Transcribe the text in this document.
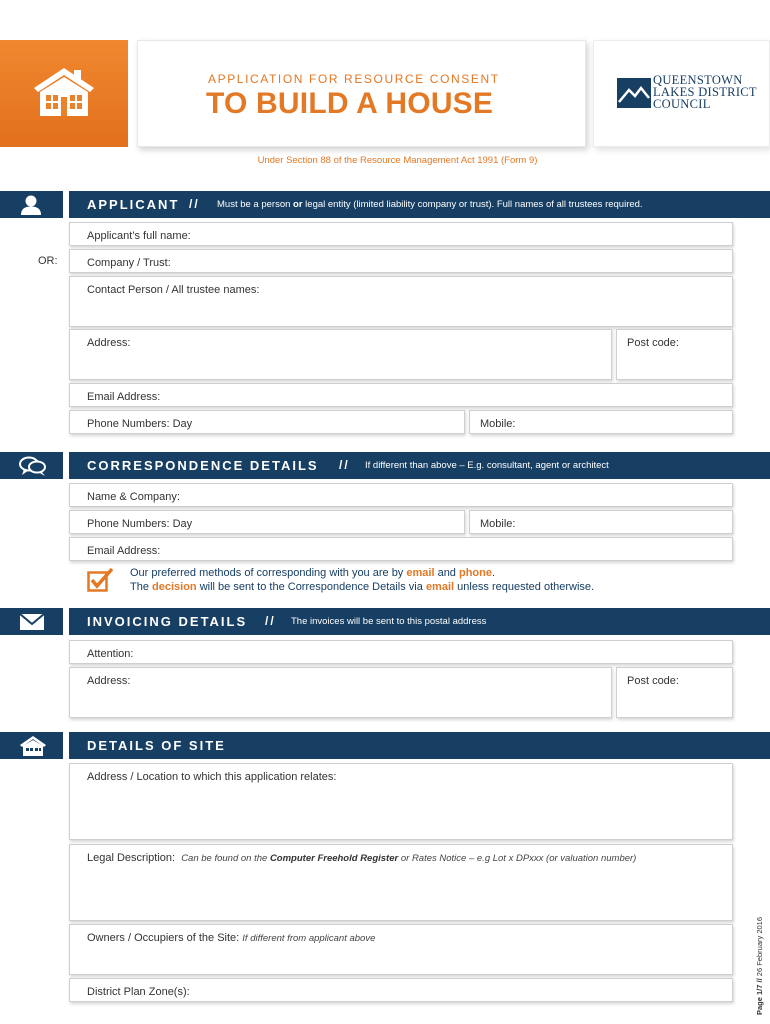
APPLICATION FOR RESOURCE CONSENT
TO BUILD A HOUSE
QUEENSTOWN
LAKES DISTRICT
COUNCIL
Under Section 88 of the Resource Management Act 1991 (Form 9)
APPLICANT // Must be a person or legal entity (limited liability company or trust). Full names of all trustees required.
Applicant’s full name:
OR:	Company / Trust:
Contact Person / All trustee names:
Address:	Post code:
Email Address:
Phone Numbers: Day	Mobile:
CORRESPONDENCE DETAILS // If different than above – E.g. consultant, agent or architect
Name & Company:
Phone Numbers: Day	Mobile:
Email Address:
Our preferred methods of corresponding with you are by email and phone.
The decision will be sent to the Correspondence Details via email unless requested otherwise.
INVOICING DETAILS // The invoices will be sent to this postal address
Attention:
Address:	Post code:
DETAILS OF SITE
Address / Location to which this application relates:
Legal Description: Can be found on the Computer Freehold Register or Rates Notice – e.g Lot x DPxxx (or valuation number)
Owners / Occupiers of the Site: If different from applicant above
District Plan Zone(s):	Page 1/7 // 26 February 2016
